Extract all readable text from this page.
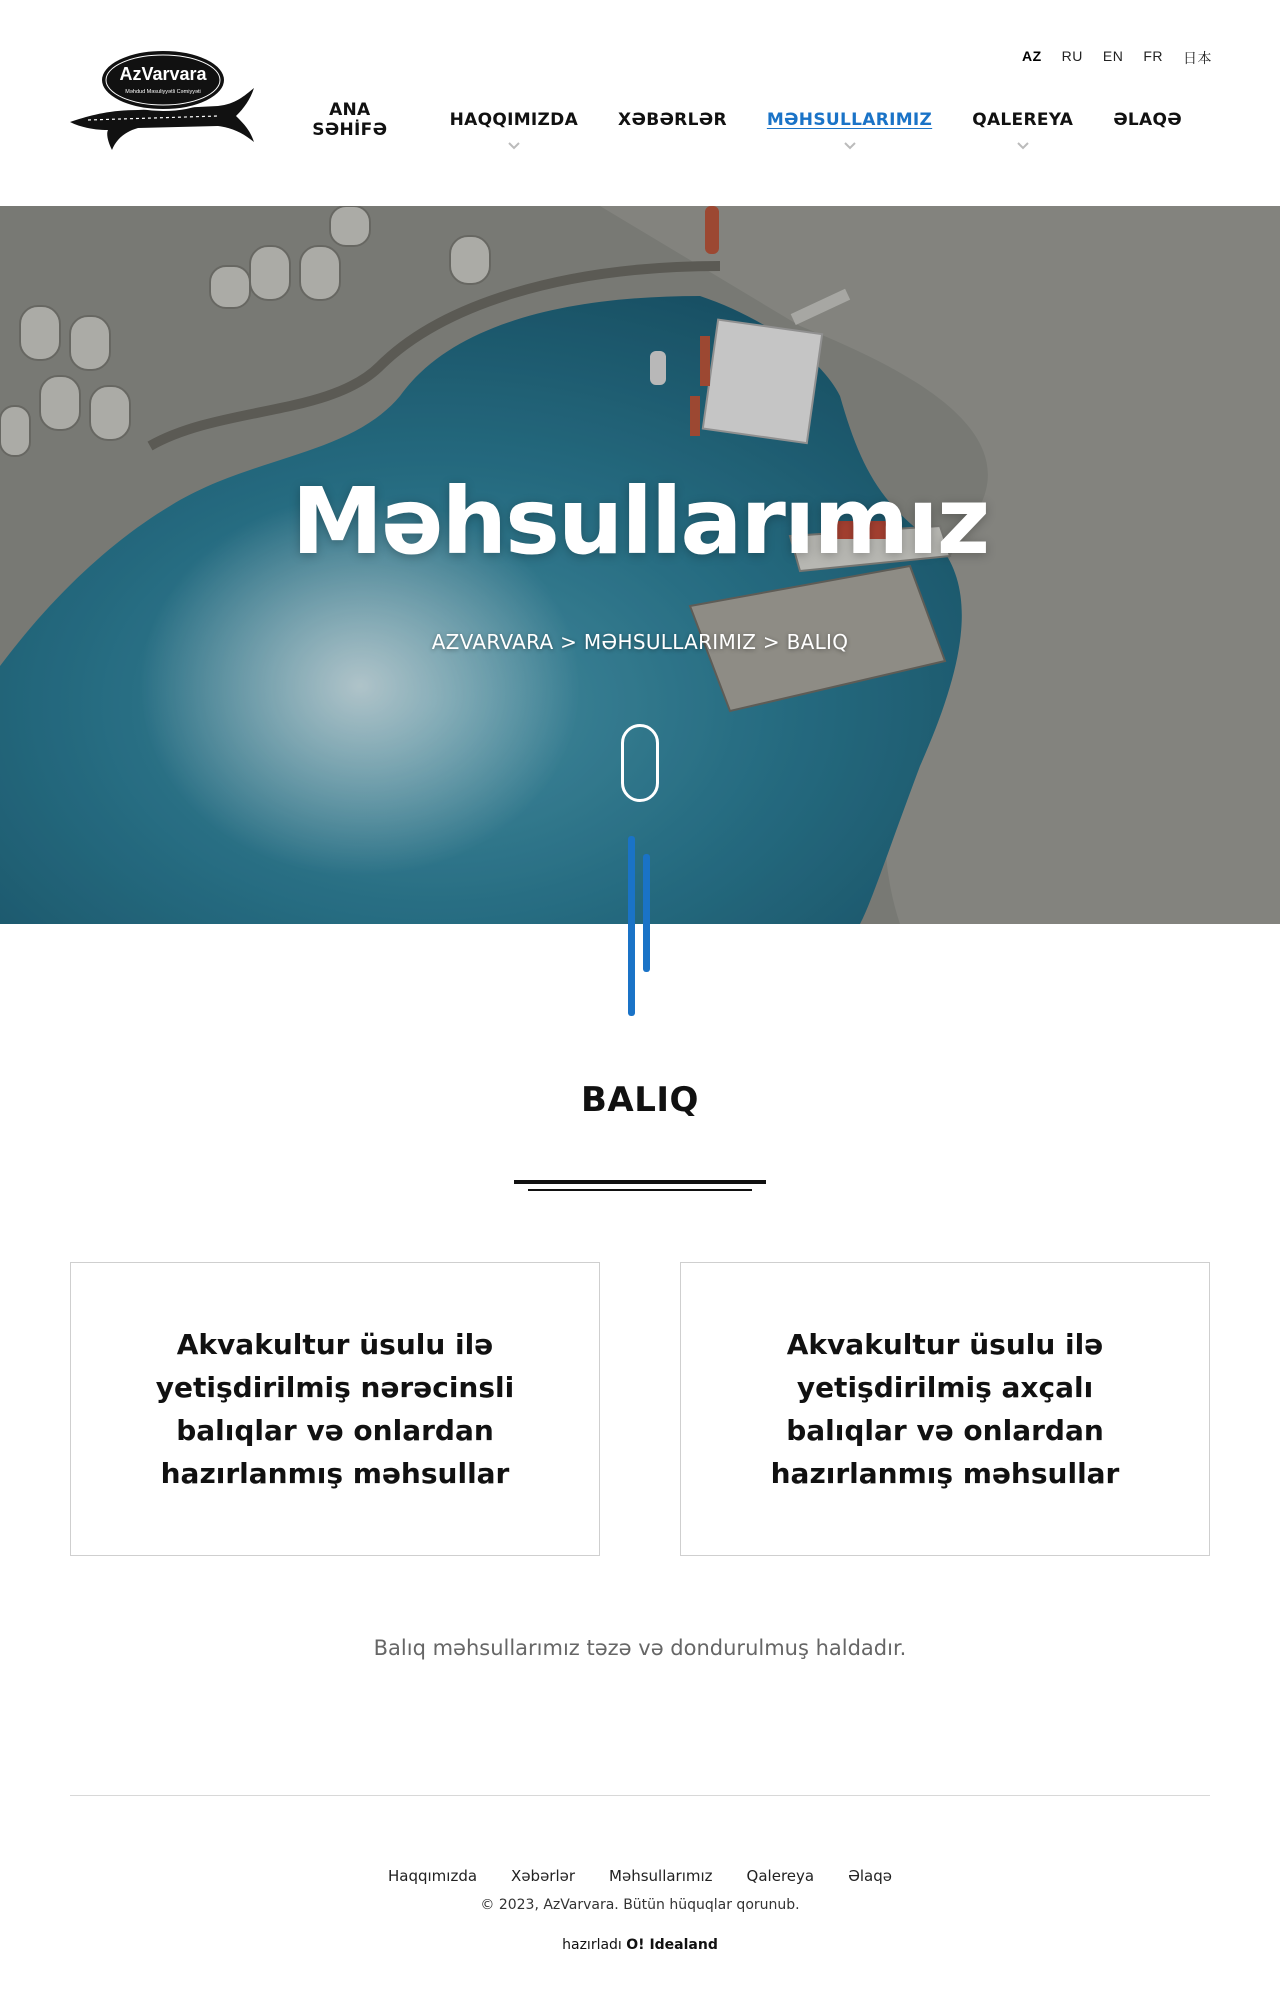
AzVarvara
Məhdud Məsuliyyətli Cəmiyyəti
AZ RU EN FR 日本
ANA SƏHİFƏ	HAQQIMIZDA	XƏBƏRLƏR	MƏHSULLARIMIZ	QALEREYA	ƏLAQƏ
Məhsullarımız
AZVARVARA > MƏHSULLARIMIZ > BALIQ
BALIQ
Akvakultur üsulu ilə yetişdirilmiş nərəcinsli balıqlar və onlardan hazırlanmış məhsullar
Akvakultur üsulu ilə yetişdirilmiş axçalı balıqlar və onlardan hazırlanmış məhsullar

Balıq məhsullarımız təzə və dondurulmuş haldadır.

Haqqımızda Xəbərlər Məhsullarımız Qalereya Əlaqə
© 2023, AzVarvara. Bütün hüquqlar qorunub.
hazırladı O! Idealand
